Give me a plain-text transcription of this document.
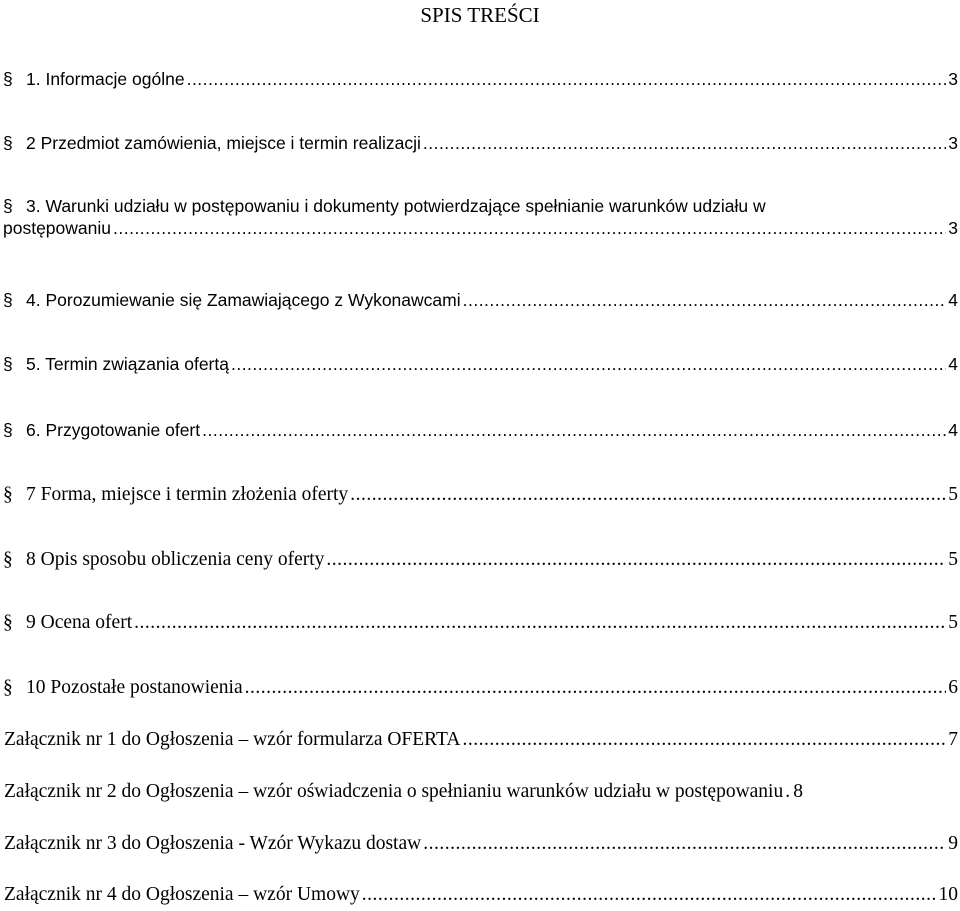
SPIS TREŚCI
§ 1. Informacje ogólne .....	3
§ 2 Przedmiot zamówienia, miejsce i termin realizacji .....	3
§ 3. Warunki udziału w postępowaniu i dokumenty potwierdzające spełnianie warunków udziału w
postępowaniu .....	3
§ 4. Porozumiewanie się Zamawiającego z Wykonawcami .....	4
§ 5. Termin związania ofertą .....	4
§ 6. Przygotowanie ofert .....	4
§ 7 Forma, miejsce i termin złożenia oferty .....	5
§ 8 Opis sposobu obliczenia ceny oferty .....	5
§ 9 Ocena ofert .....	5
§ 10 Pozostałe postanowienia .....	6
Załącznik nr 1 do Ogłoszenia – wzór formularza OFERTA .....	7
Załącznik nr 2 do Ogłoszenia – wzór oświadczenia o spełnianiu warunków udziału w postępowaniu ..... 8
Załącznik nr 3 do Ogłoszenia - Wzór Wykazu dostaw .....	9
Załącznik nr 4 do Ogłoszenia – wzór Umowy .....	10
